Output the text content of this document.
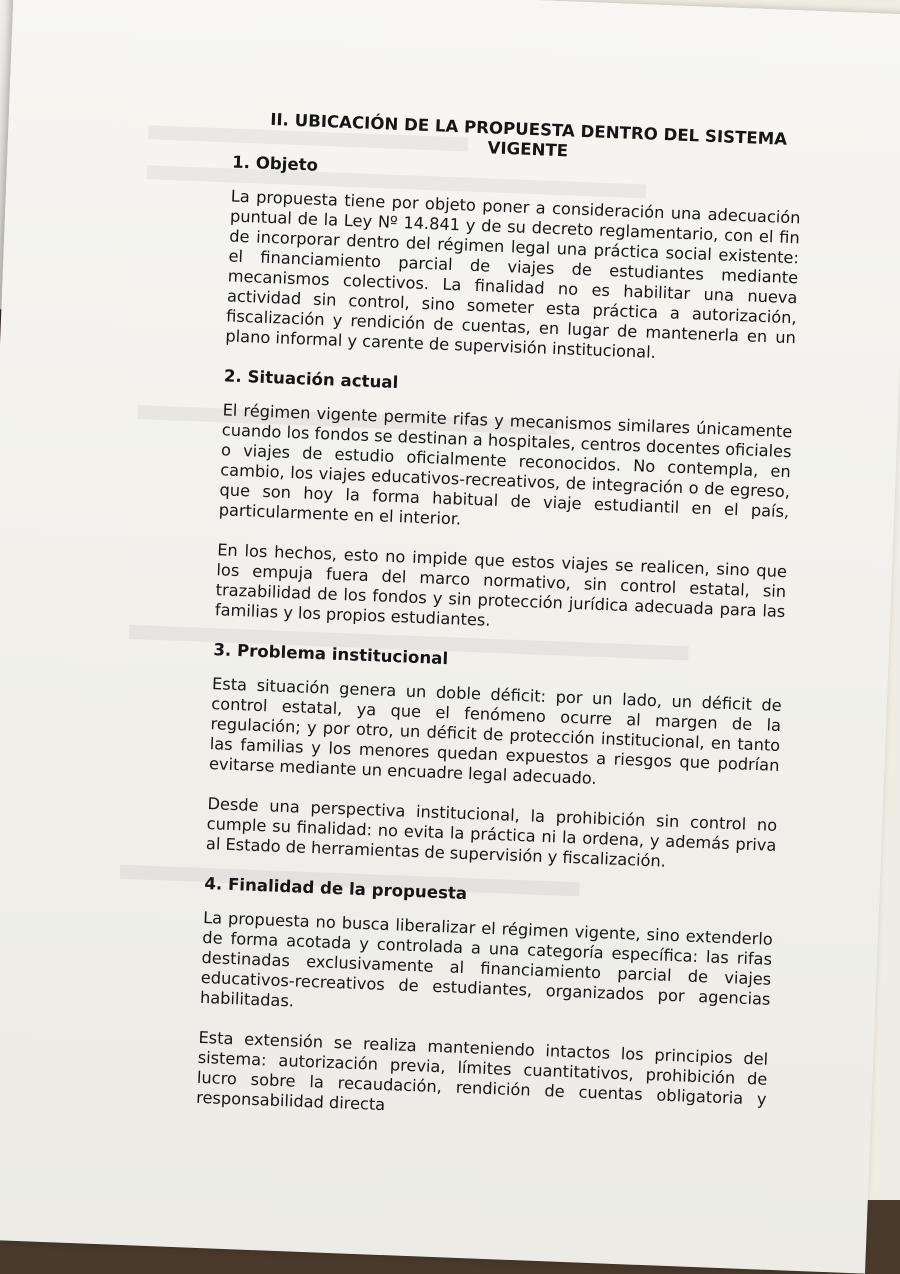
II. UBICACIÓN DE LA PROPUESTA DENTRO DEL SISTEMA VIGENTE
1. Objeto

La propuesta tiene por objeto poner a consideración una adecuación puntual de la Ley Nº 14.841 y de su decreto reglamentario, con el fin de incorporar dentro del régimen legal una práctica social existente: el financiamiento parcial de viajes de estudiantes mediante mecanismos colectivos. La finalidad no es habilitar una nueva actividad sin control, sino someter esta práctica a autorización, fiscalización y rendición de cuentas, en lugar de mantenerla en un plano informal y carente de supervisión institucional.

2. Situación actual

El régimen vigente permite rifas y mecanismos similares únicamente cuando los fondos se destinan a hospitales, centros docentes oficiales o viajes de estudio oficialmente reconocidos. No contempla, en cambio, los viajes educativos-recreativos, de integración o de egreso, que son hoy la forma habitual de viaje estudiantil en el país, particularmente en el interior.

En los hechos, esto no impide que estos viajes se realicen, sino que los empuja fuera del marco normativo, sin control estatal, sin trazabilidad de los fondos y sin protección jurídica adecuada para las familias y los propios estudiantes.

3. Problema institucional

Esta situación genera un doble déficit: por un lado, un déficit de control estatal, ya que el fenómeno ocurre al margen de la regulación; y por otro, un déficit de protección institucional, en tanto las familias y los menores quedan expuestos a riesgos que podrían evitarse mediante un encuadre legal adecuado.

Desde una perspectiva institucional, la prohibición sin control no cumple su finalidad: no evita la práctica ni la ordena, y además priva al Estado de herramientas de supervisión y fiscalización.

4. Finalidad de la propuesta

La propuesta no busca liberalizar el régimen vigente, sino extenderlo de forma acotada y controlada a una categoría específica: las rifas destinadas exclusivamente al financiamiento parcial de viajes educativos-recreativos de estudiantes, organizados por agencias habilitadas.

Esta extensión se realiza manteniendo intactos los principios del sistema: autorización previa, límites cuantitativos, prohibición de lucro sobre la recaudación, rendición de cuentas obligatoria y responsabilidad directa
